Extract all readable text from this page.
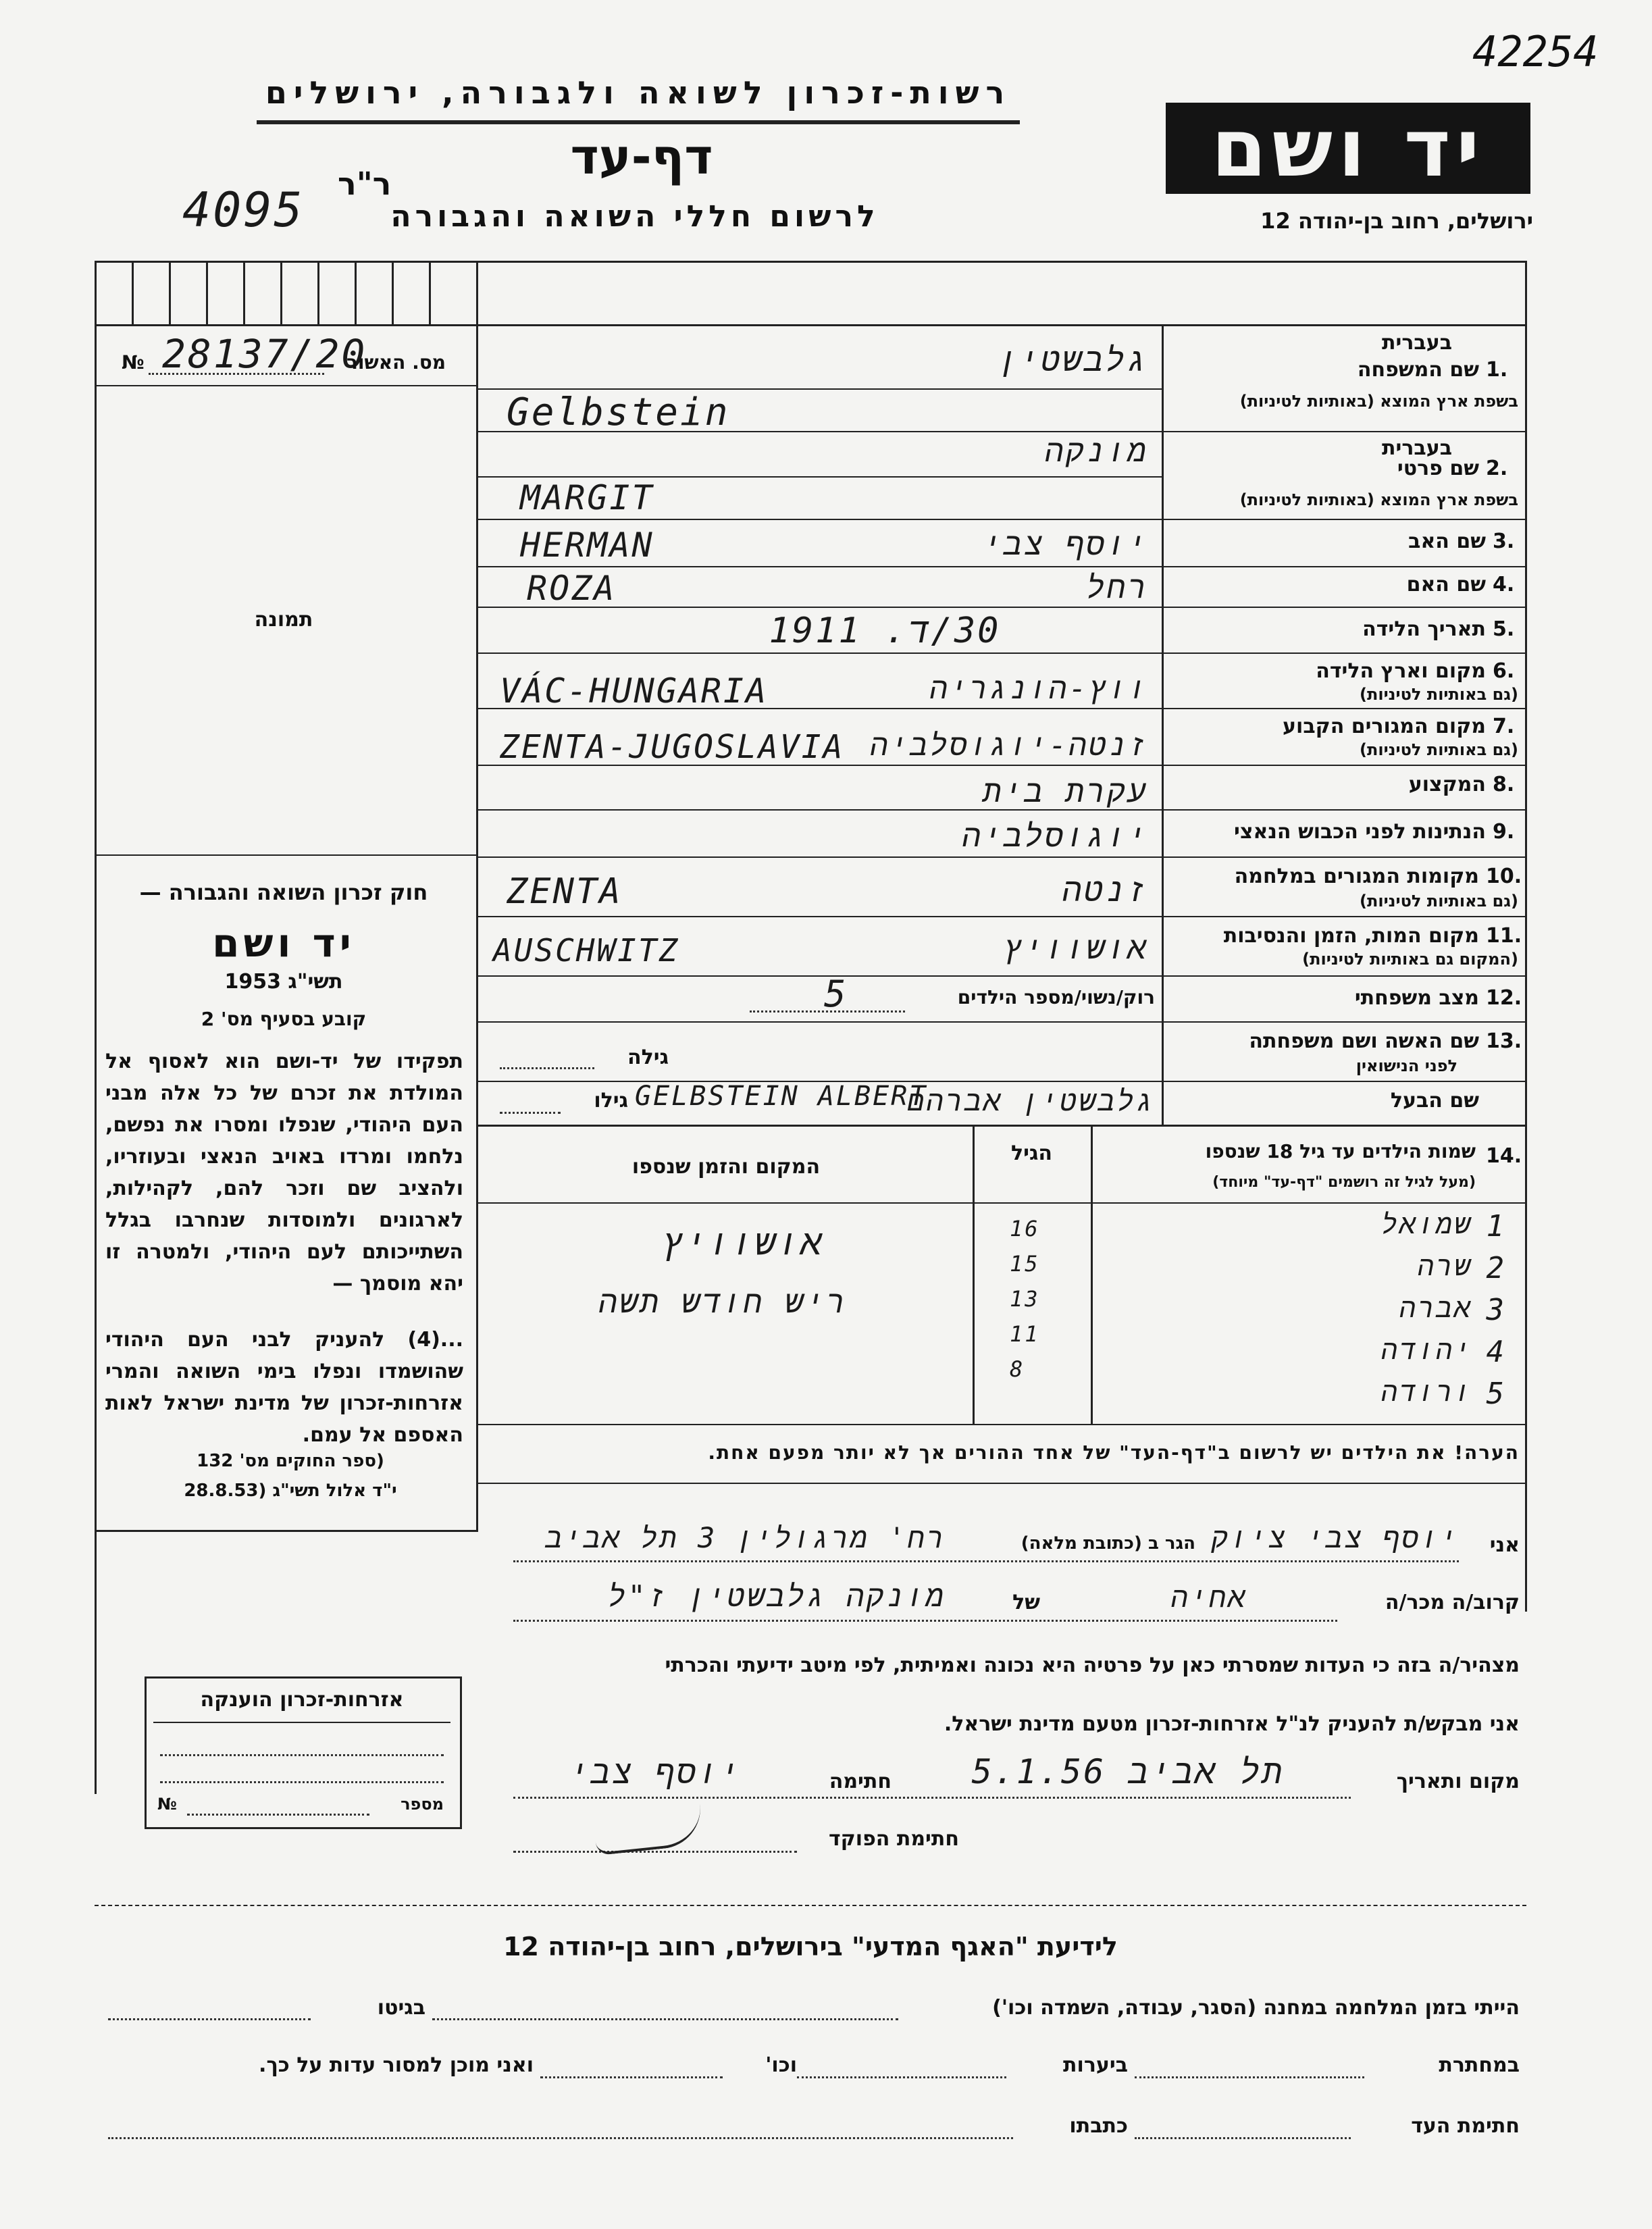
42254
רשות-זכרון לשואה ולגבורה, ירושלים
דף-עד
4095 ר"ר
לרשום חללי השואה והגבורה
יד ושם
ירושלים, רחוב בן-יהודה 12
№ 28137/20
מס. האשור
תמונה
חוק זכרון השואה והגבורה —
יד ושם
תשי"ג 1953
קובע בסעיף מס' 2
תפקידו של יד-ושם הוא לאסוף אל המולדת את זכרם של כל אלה מבני העם היהודי, שנפלו ומסרו את נפשם, נלחמו ומרדו באויב הנאצי ובעוזריו, ולהציב שם וזכר להם, לקהילות, לארגונים ולמוסדות שנחרבו בגלל השתייכותם לעם היהודי, ולמטרה זו יהא מוסמך —
...(4) להעניק לבני העם היהודי שהושמדו ונפלו בימי השואה והמרי אזרחות-זכרון של מדינת ישראל לאות האספם אל עמם.
(ספר החוקים מס' 132
י"ד אלול תשי"ג (28.8.53
בעברית
1.
שם המשפחה
בשפת ארץ המוצא (באותיות לטיניות)
גלבשטין
Gelbstein
בעברית
2.
שם פרטי
בשפת ארץ המוצא (באותיות לטיניות)
מונקה
MARGIT
3.
שם האב
יוסף צבי
HERMAN
4.
שם האם
רחל
ROZA
5.
תאריך הלידה
30/ד. 1911
6.
מקום וארץ הלידה
(גם באותיות לטיניות)
ווץ-הונגריה
VÁC-HUNGARIA
7.
מקום המגורים הקבוע
(גם באותיות לטיניות)
זנטה-יוגוסלביה
ZENTA-JUGOSLAVIA
8.
המקצוע
עקרת בית
9.
הנתינות לפני הכבוש הנאצי
יוגוסלביה
10.
מקומות המגורים במלחמה
(גם באותיות לטיניות)
זנטה
ZENTA
11.
מקום המות, הזמן והנסיבות
(המקום גם באותיות לטיניות)
אושוויץ
AUSCHWITZ
12.
מצב משפחתי
רוק/נשוי/מספר הילדים
5
13.
שם האשה ושם משפחתה
לפני הנישואין
גילה
שם הבעל
גלבשטין אברהם
GELBSTEIN ALBERT
גילו
14.
שמות הילדים עד גיל 18 שנספו
(מעל לגיל זה רושמים "דף-עד" מיוחד)
הגיל
המקום והזמן שנספו
אושוויץ
ריש חודש תשה
1
שמואל
2
שרה
3
אברה
4
יהודה
5
ורודה
16
15
13
11
8
הערה! את הילדים יש לרשום ב"דף-העד" של אחד ההורים אך לא יותר מפעם אחת.
אני
יוסף צבי ציוק
הגר ב (כתובת מלאה)
רח' מרגולין 3 תל אביב
קרוב/ה מכר/ה
אחיה
של
מונקה גלבשטין ז"ל
מצהיר/ה בזה כי העדות שמסרתי כאן על פרטיה היא נכונה ואמיתית, לפי מיטב ידיעתי והכרתי
אני מבקש/ת להעניק לנ"ל אזרחות-זכרון מטעם מדינת ישראל.
מקום ותאריך
תל אביב 5.1.56
חתימה
יוסף צבי
חתימת הפוקד
אזרחות-זכרון הוענקה
№	מספר
לידיעת "האגף המדעי" בירושלים, רחוב בן-יהודה 12
הייתי בזמן המלחמה במחנה (הסגר, עבודה, השמדה וכו')
בגיטו
במחתרת
ביערות
וכו'
ואני מוכן למסור עדות על כך.
חתימת העד
כתבתו
